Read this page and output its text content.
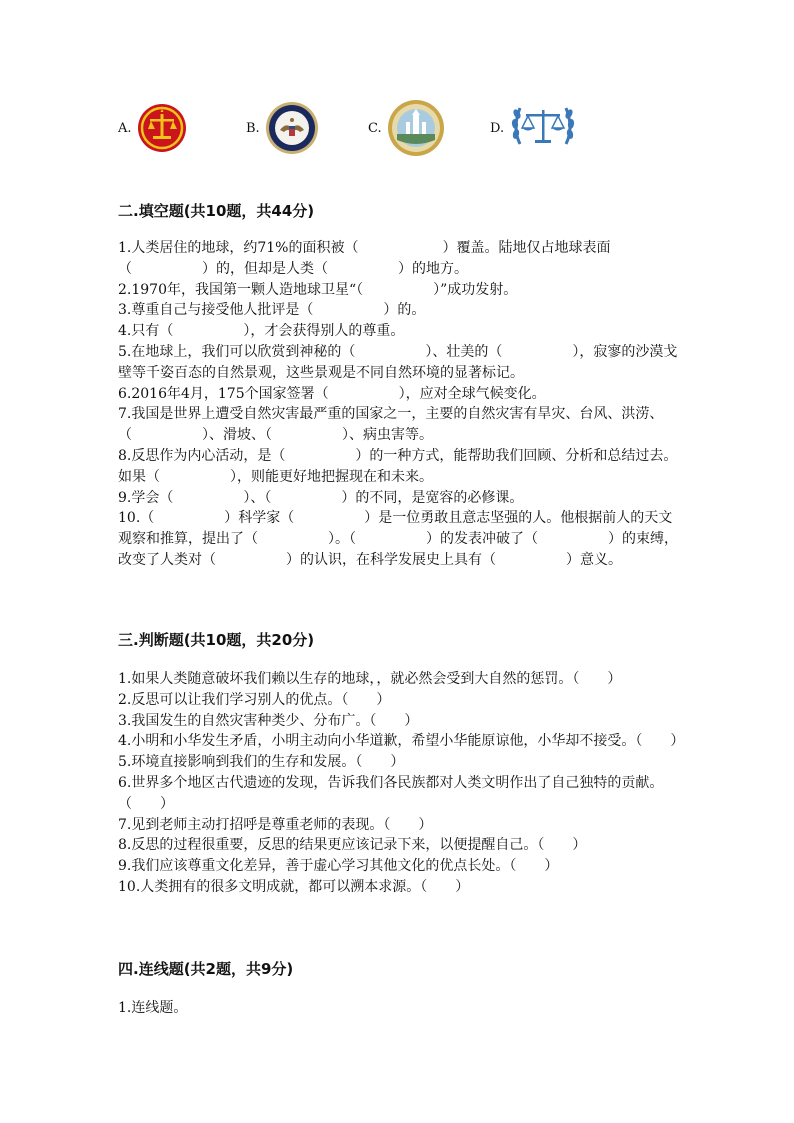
A.	B.	C.	D.
二.填空题(共10题，共44分)

1.人类居住的地球，约71%的面积被（　　　　　　）覆盖。陆地仅占地球表面（　　　　　）的，但却是人类（　　　　　）的地方。

2.1970年，我国第一颗人造地球卫星“（　　　　　）”成功发射。

3.尊重自己与接受他人批评是（　　　　　）的。

4.只有（　　　　　），才会获得别人的尊重。

5.在地球上，我们可以欣赏到神秘的（　　　　　）、壮美的（　　　　　），寂寥的沙漠戈壁等千姿百态的自然景观，这些景观是不同自然环境的显著标记。

6.2016年4月，175个国家签署（　　　　　），应对全球气候变化。

7.我国是世界上遭受自然灾害最严重的国家之一，主要的自然灾害有旱灾、台风、洪涝、（　　　　　）、滑坡、（　　　　　）、病虫害等。

8.反思作为内心活动，是（　　　　　）的一种方式，能帮助我们回顾、分析和总结过去。如果（　　　　　），则能更好地把握现在和未来。

9.学会（　　　　　）、（　　　　　）的不同，是宽容的必修课。

10.（　　　　　）科学家（　　　　　）是一位勇敢且意志坚强的人。他根据前人的天文观察和推算，提出了（　　　　　）。（　　　　　）的发表冲破了（　　　　　）的束缚，改变了人类对（　　　　　）的认识，在科学发展史上具有（　　　　　）意义。

三.判断题(共10题，共20分)

1.如果人类随意破坏我们赖以生存的地球，，就必然会受到大自然的惩罚。（　　）

2.反思可以让我们学习别人的优点。（　　）

3.我国发生的自然灾害种类少、分布广。（　　）

4.小明和小华发生矛盾，小明主动向小华道歉，希望小华能原谅他，小华却不接受。（　　）

5.环境直接影响到我们的生存和发展。（　　）

6.世界多个地区古代遗迹的发现，告诉我们各民族都对人类文明作出了自己独特的贡献。（　　）

7.见到老师主动打招呼是尊重老师的表现。（　　）

8.反思的过程很重要，反思的结果更应该记录下来，以便提醒自己。（　　）

9.我们应该尊重文化差异，善于虚心学习其他文化的优点长处。（　　）

10.人类拥有的很多文明成就，都可以溯本求源。（　　）

四.连线题(共2题，共9分)

1.连线题。
